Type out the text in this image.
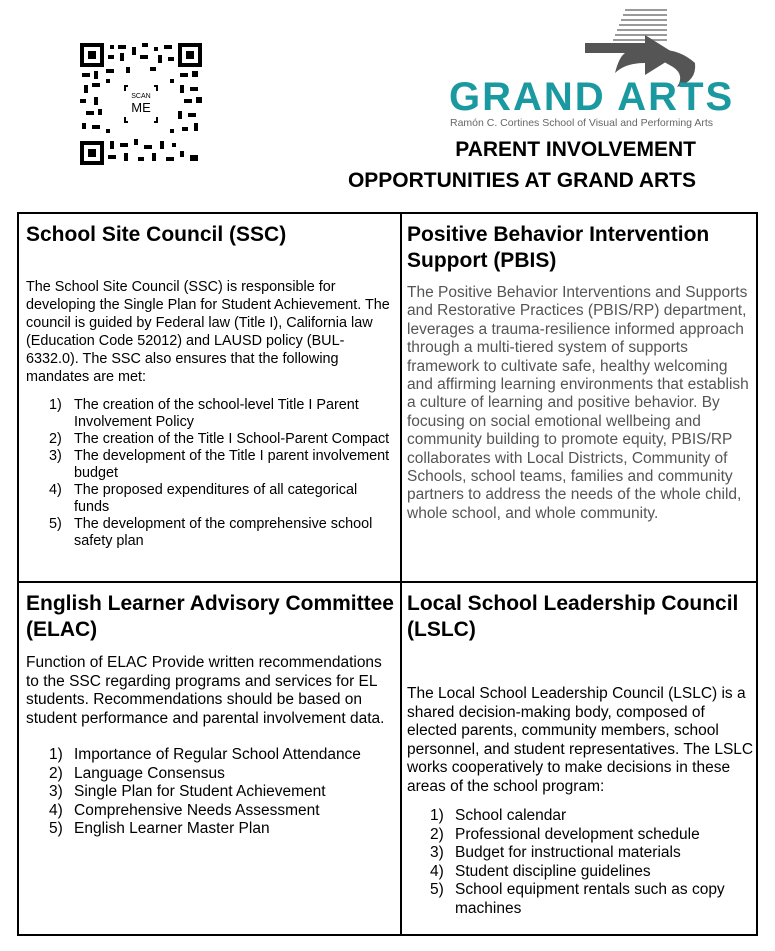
SCAN
ME	GRAND ARTS
Ramón C. Cortines School of Visual and Performing Arts
PARENT INVOLVEMENT
OPPORTUNITIES AT GRAND ARTS
School Site Council (SSC)

The School Site Council (SSC) is responsible for developing the Single Plan for Student Achievement. The council is guided by Federal law (Title I), California law (Education Code 52012) and LAUSD policy (BUL-6332.0). The SSC also ensures that the following mandates are met:

1) The creation of the school-level Title I Parent Involvement Policy
2) The creation of the Title I School-Parent Compact
3) The development of the Title I parent involvement budget
4) The proposed expenditures of all categorical funds
5) The development of the comprehensive school safety plan
Positive Behavior Intervention Support (PBIS)

The Positive Behavior Interventions and Supports and Restorative Practices (PBIS/RP) department, leverages a trauma-resilience informed approach through a multi-tiered system of supports framework to cultivate safe, healthy welcoming and affirming learning environments that establish a culture of learning and positive behavior. By focusing on social emotional wellbeing and community building to promote equity, PBIS/RP collaborates with Local Districts, Community of Schools, school teams, families and community partners to address the needs of the whole child, whole school, and whole community.

English Learner Advisory Committee (ELAC)

Function of ELAC Provide written recommendations to the SSC regarding programs and services for EL students. Recommendations should be based on student performance and parental involvement data.

1) Importance of Regular School Attendance
2) Language Consensus
3) Single Plan for Student Achievement
4) Comprehensive Needs Assessment
5) English Learner Master Plan
Local School Leadership Council (LSLC)

The Local School Leadership Council (LSLC) is a shared decision-making body, composed of elected parents, community members, school personnel, and student representatives. The LSLC works cooperatively to make decisions in these areas of the school program:

1) School calendar
2) Professional development schedule
3) Budget for instructional materials
4) Student discipline guidelines
5) School equipment rentals such as copy machines
